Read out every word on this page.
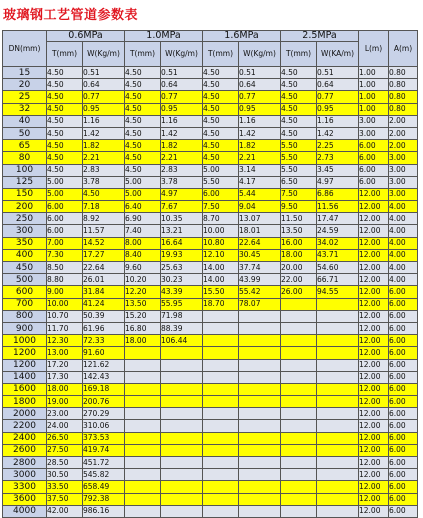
玻璃钢工艺管道参数表
DN(mm)	0.6MPa		1.0MPa		1.6MPa		2.5MPa		L(m)	A(m)
	T(mm)	W(Kg/m)	T(mm)	W(Kg/m)	T(mm)	W(Kg/m)	T(mm)	W(KA/m)		
15	4.50	0.51	4.50	0.51	4.50	0.51	4.50	0.51	1.00	0.80
20	4.50	0.64	4.50	0.64	4.50	0.64	4.50	0.64	1.00	0.80
25	4.50	0.77	4.50	0.77	4.50	0.77	4.50	0.77	1.00	0.80
32	4.50	0.95	4.50	0.95	4.50	0.95	4.50	0.95	1.00	0.80
40	4.50	1.16	4.50	1.16	4.50	1.16	4.50	1.16	3.00	2.00
50	4.50	1.42	4.50	1.42	4.50	1.42	4.50	1.42	3.00	2.00
65	4.50	1.82	4.50	1.82	4.50	1.82	5.50	2.25	6.00	2.00
80	4.50	2.21	4.50	2.21	4.50	2.21	5.50	2.73	6.00	3.00
100	4.50	2.83	4.50	2.83	5.00	3.14	5.50	3.45	6.00	3.00
125	5.00	3.78	5.00	3.78	5.50	4.17	6.50	4.97	6.00	3.00
150	5.00	4.50	5.00	4.97	6.00	5.44	7.50	6.86	12.00	3.00
200	6.00	7.18	6.40	7.67	7.50	9.04	9.50	11.56	12.00	4.00
250	6.00	8.92	6.90	10.35	8.70	13.07	11.50	17.47	12.00	4.00
300	6.00	11.57	7.40	13.21	10.00	18.01	13.50	24.59	12.00	4.00
350	7.00	14.52	8.00	16.64	10.80	22.64	16.00	34.02	12.00	4.00
400	7.30	17.27	8.40	19.93	12.10	30.45	18.00	43.71	12.00	4.00
450	8.50	22.64	9.60	25.63	14.00	37.74	20.00	54.60	12.00	4.00
500	8.80	26.01	10.20	30.23	14.00	43.99	22.00	66.71	12.00	4.00
600	9.00	31.84	12.20	43.39	15.50	55.42	26.00	94.55	12.00	6.00
700	10.00	41.24	13.50	55.95	18.70	78.07			12.00	6.00
800	10.70	50.39	15.20	71.98					12.00	6.00
900	11.70	61.96	16.80	88.39					12.00	6.00
1000	12.30	72.33	18.00	106.44					12.00	6.00
1200	13.00	91.60							12.00	6.00
1200	17.20	121.62							12.00	6.00
1400	17.30	142.43							12.00	6.00
1600	18.00	169.18							12.00	6.00
1800	19.00	200.76							12.00	6.00
2000	23.00	270.29							12.00	6.00
2200	24.00	310.06							12.00	6.00
2400	26.50	373.53							12.00	6.00
2600	27.50	419.74							12.00	6.00
2800	28.50	451.72							12.00	6.00
3000	30.50	545.82							12.00	6.00
3300	33.50	658.49							12.00	6.00
3600	37.50	792.38							12.00	6.00
4000	42.00	986.16							12.00	6.00
